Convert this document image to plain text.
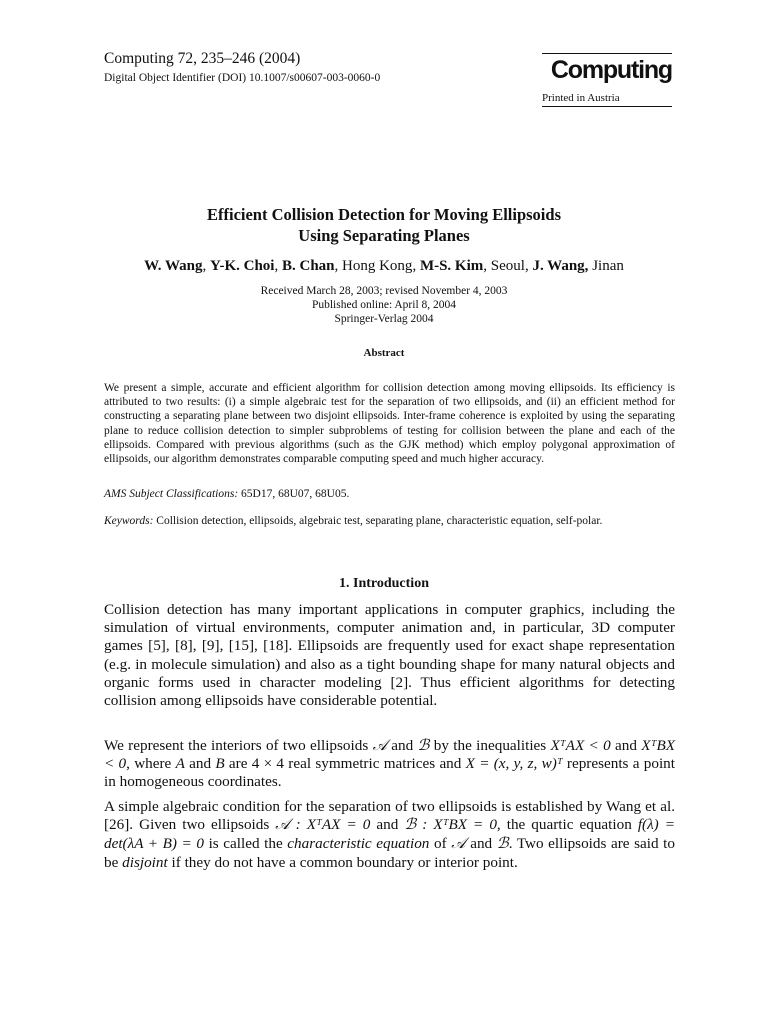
Computing 72, 235–246 (2004)
Digital Object Identifier (DOI) 10.1007/s00607-003-0060-0	Computing
Printed in Austria
Efficient Collision Detection for Moving Ellipsoids
Using Separating Planes
W. Wang, Y-K. Choi, B. Chan, Hong Kong, M-S. Kim, Seoul, J. Wang, Jinan
Received March 28, 2003; revised November 4, 2003
Published online: April 8, 2004
Springer-Verlag 2004
Abstract

We present a simple, accurate and efficient algorithm for collision detection among moving ellipsoids. Its efficiency is attributed to two results: (i) a simple algebraic test for the separation of two ellipsoids, and (ii) an efficient method for constructing a separating plane between two disjoint ellipsoids. Inter-frame coherence is exploited by using the separating plane to reduce collision detection to simpler subproblems of testing for collision between the plane and each of the ellipsoids. Compared with previous algorithms (such as the GJK method) which employ polygonal approximation of ellipsoids, our algorithm demonstrates comparable computing speed and much higher accuracy.

AMS Subject Classifications: 65D17, 68U07, 68U05.
Keywords: Collision detection, ellipsoids, algebraic test, separating plane, characteristic equation, self-polar.
1. Introduction

Collision detection has many important applications in computer graphics, including the simulation of virtual environments, computer animation and, in particular, 3D computer games [5], [8], [9], [15], [18]. Ellipsoids are frequently used for exact shape representation (e.g. in molecule simulation) and also as a tight bounding shape for many natural objects and organic forms used in character modeling [2]. Thus efficient algorithms for detecting collision among ellipsoids have considerable potential.

We represent the interiors of two ellipsoids 𝒜 and ℬ by the inequalities XᵀAX < 0 and XᵀBX < 0, where A and B are 4 × 4 real symmetric matrices and X = (x, y, z, w)ᵀ represents a point in homogeneous coordinates.

A simple algebraic condition for the separation of two ellipsoids is established by Wang et al. [26]. Given two ellipsoids 𝒜 : XᵀAX = 0 and ℬ : XᵀBX = 0, the quartic equation f(λ) = det(λA + B) = 0 is called the characteristic equation of 𝒜 and ℬ. Two ellipsoids are said to be disjoint if they do not have a common boundary or interior point.
